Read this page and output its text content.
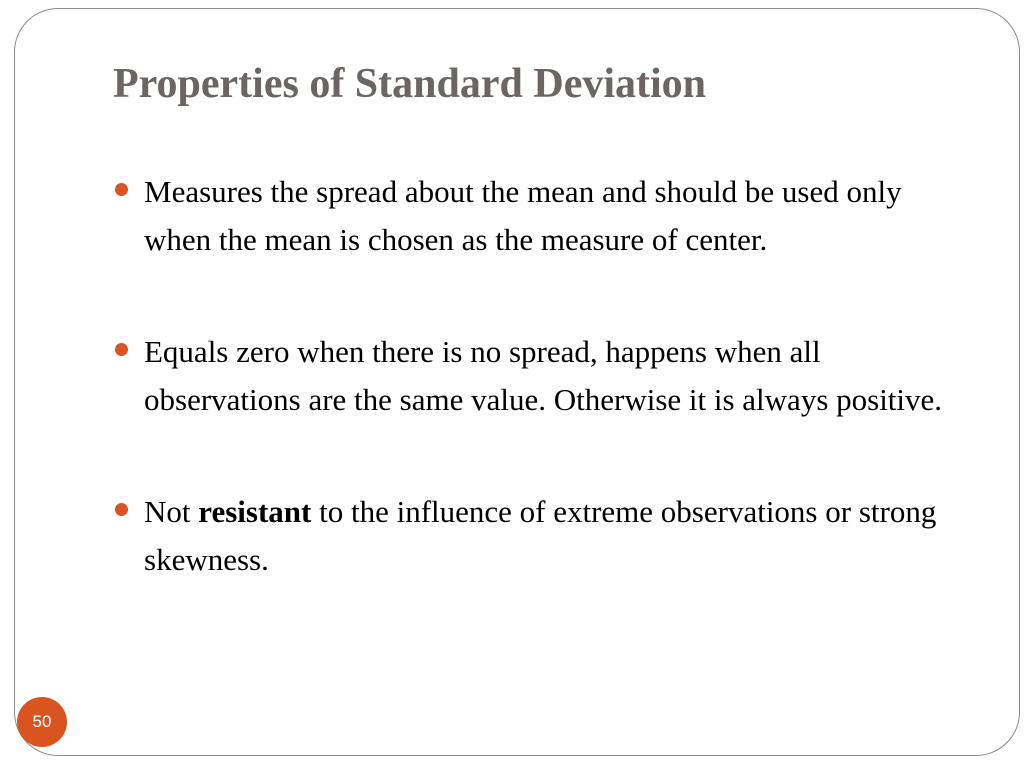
Properties of Standard Deviation
Measures the spread about the mean and should be used only when the mean is chosen as the measure of center.
Equals zero when there is no spread, happens when all observations are the same value. Otherwise it is always positive.
Not resistant to the influence of extreme observations or strong skewness.
50
